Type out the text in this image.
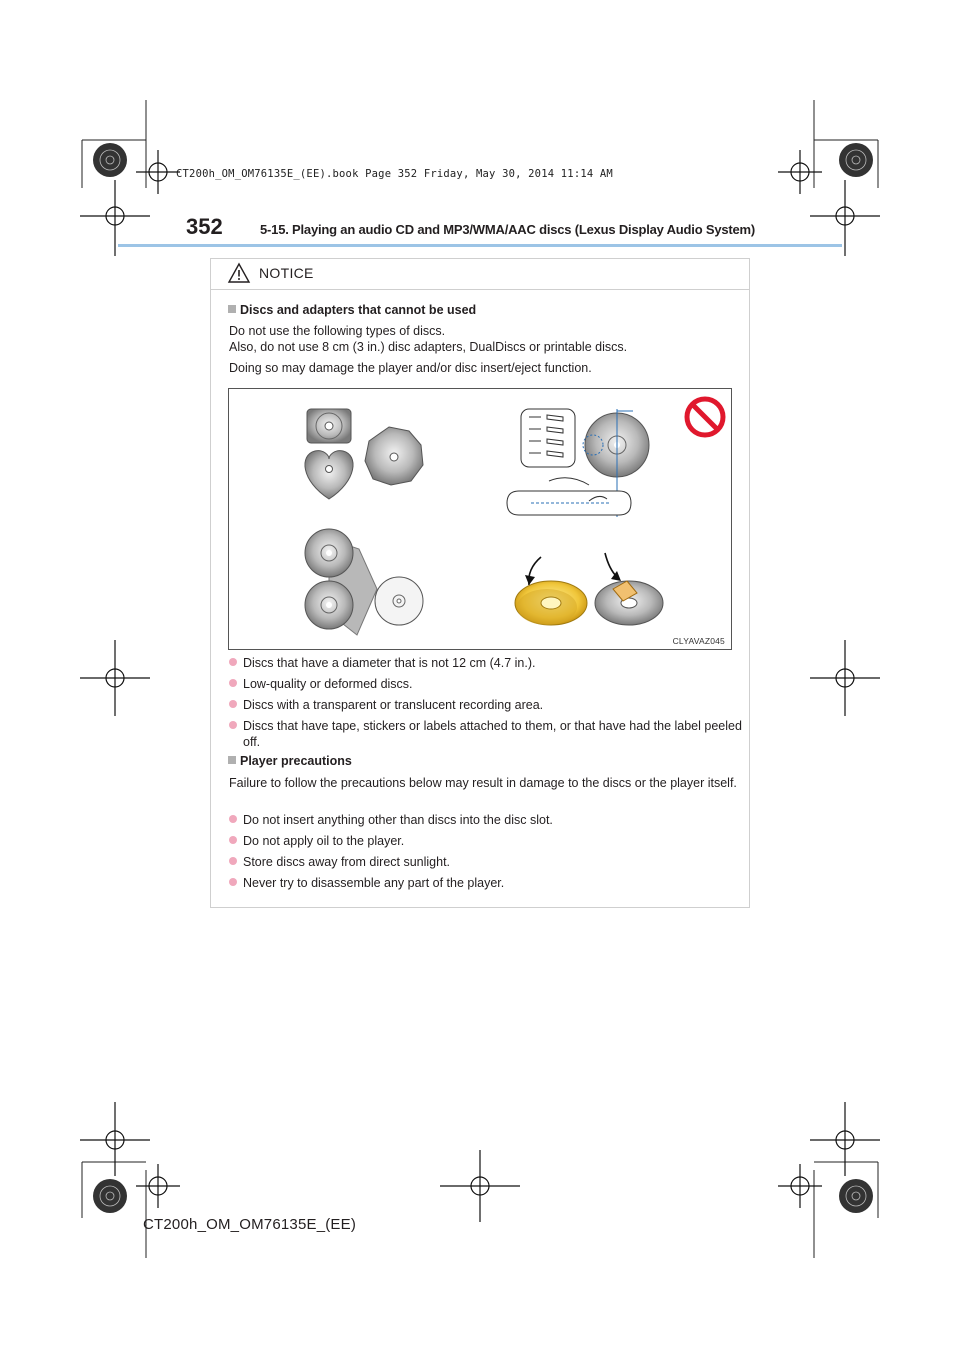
CT200h_OM_OM76135E_(EE).book Page 352 Friday, May 30, 2014 11:14 AM
352	5-15. Playing an audio CD and MP3/WMA/AAC discs (Lexus Display Audio System)
NOTICE
Discs and adapters that cannot be used
Do not use the following types of discs.
Also, do not use 8 cm (3 in.) disc adapters, DualDiscs or printable discs.
Doing so may damage the player and/or disc insert/eject function.
CLYAVAZ045
Discs that have a diameter that is not 12 cm (4.7 in.).
Low-quality or deformed discs.
Discs with a transparent or translucent recording area.
Discs that have tape, stickers or labels attached to them, or that have had the label peeled off.
Player precautions
Failure to follow the precautions below may result in damage to the discs or the player itself.
Do not insert anything other than discs into the disc slot.
Do not apply oil to the player.
Store discs away from direct sunlight.
Never try to disassemble any part of the player.
CT200h_OM_OM76135E_(EE)
